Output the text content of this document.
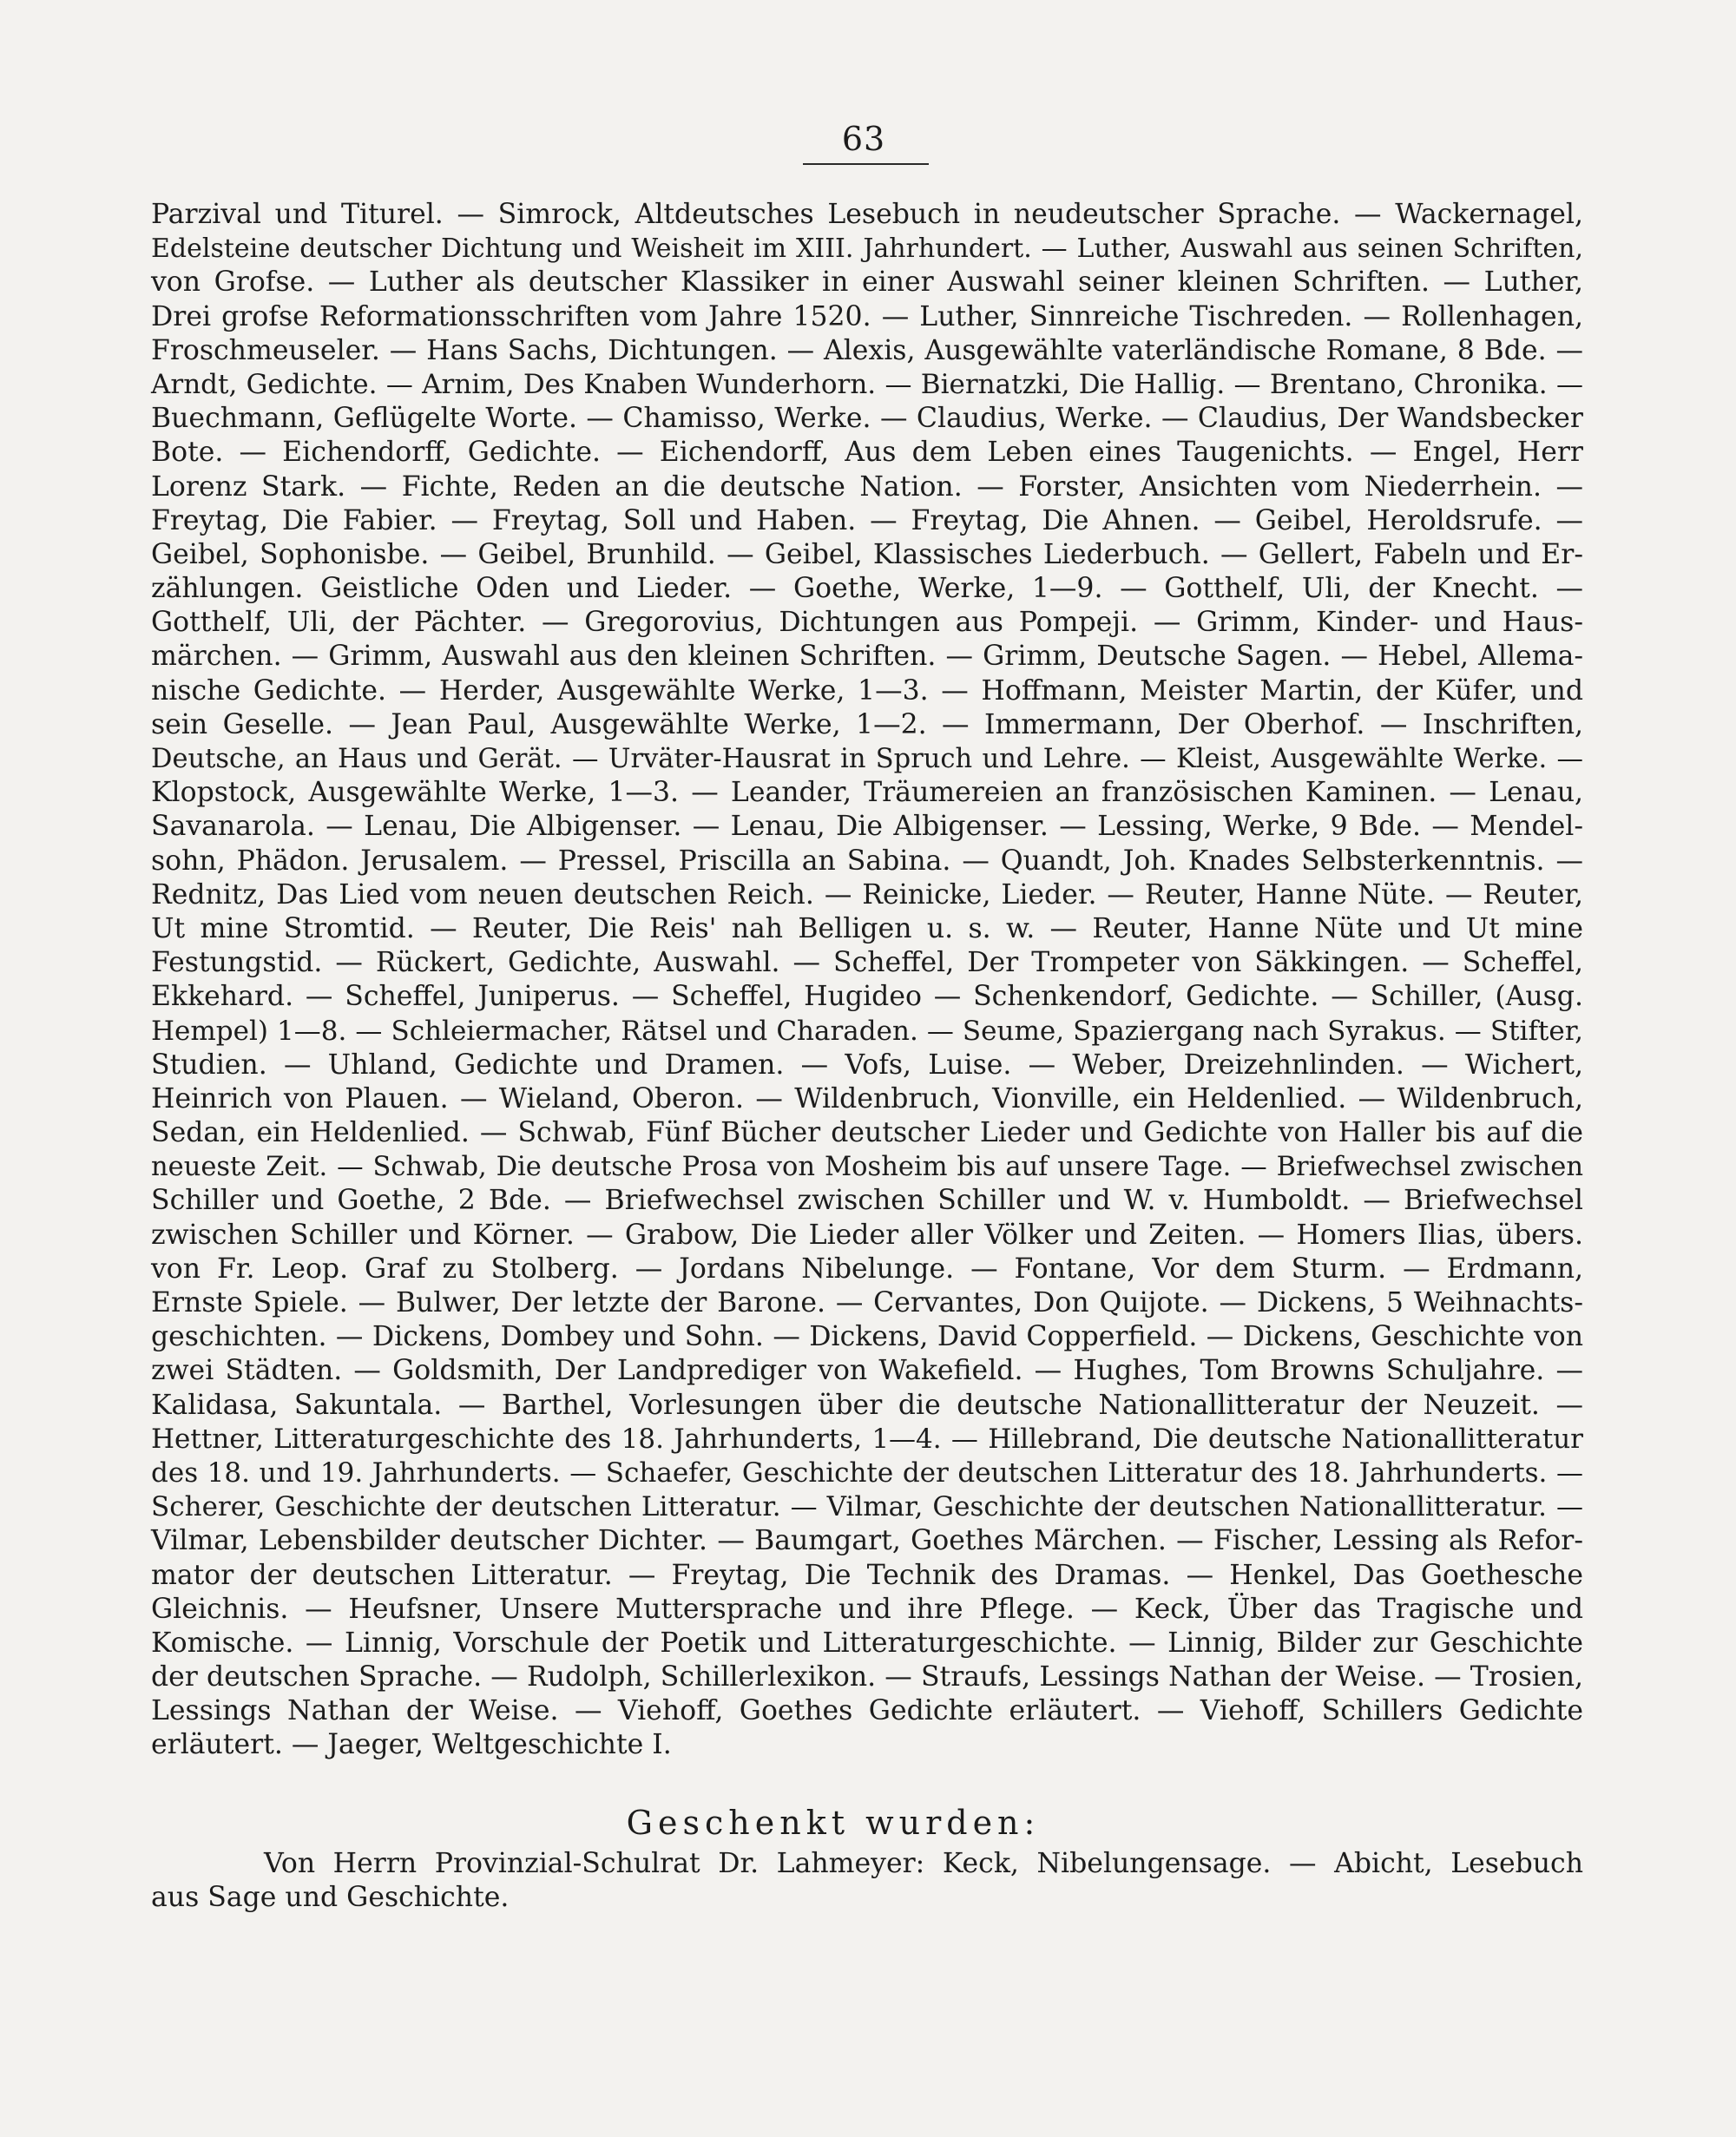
63
Parzival und Titurel. — Simrock, Altdeutsches Lesebuch in neudeutscher Sprache. — Wackernagel,
Edelsteine deutscher Dichtung und Weisheit im XIII. Jahrhundert. — Luther, Auswahl aus seinen Schriften,
von Grofse. — Luther als deutscher Klassiker in einer Auswahl seiner kleinen Schriften. — Luther,
Drei grofse Reformationsschriften vom Jahre 1520. — Luther, Sinnreiche Tischreden. — Rollenhagen,
Froschmeuseler. — Hans Sachs, Dichtungen. — Alexis, Ausgewählte vaterländische Romane, 8 Bde. —
Arndt, Gedichte. — Arnim, Des Knaben Wunderhorn. — Biernatzki, Die Hallig. — Brentano, Chronika. —
Buechmann, Geflügelte Worte. — Chamisso, Werke. — Claudius, Werke. — Claudius, Der Wandsbecker
Bote. — Eichendorff, Gedichte. — Eichendorff, Aus dem Leben eines Taugenichts. — Engel, Herr
Lorenz Stark. — Fichte, Reden an die deutsche Nation. — Forster, Ansichten vom Niederrhein. —
Freytag, Die Fabier. — Freytag, Soll und Haben. — Freytag, Die Ahnen. — Geibel, Heroldsrufe. —
Geibel, Sophonisbe. — Geibel, Brunhild. — Geibel, Klassisches Liederbuch. — Gellert, Fabeln und Er-
zählungen. Geistliche Oden und Lieder. — Goethe, Werke, 1—9. — Gotthelf, Uli, der Knecht. —
Gotthelf, Uli, der Pächter. — Gregorovius, Dichtungen aus Pompeji. — Grimm, Kinder- und Haus-
märchen. — Grimm, Auswahl aus den kleinen Schriften. — Grimm, Deutsche Sagen. — Hebel, Allema-
nische Gedichte. — Herder, Ausgewählte Werke, 1—3. — Hoffmann, Meister Martin, der Küfer, und
sein Geselle. — Jean Paul, Ausgewählte Werke, 1—2. — Immermann, Der Oberhof. — Inschriften,
Deutsche, an Haus und Gerät. — Urväter-Hausrat in Spruch und Lehre. — Kleist, Ausgewählte Werke. —
Klopstock, Ausgewählte Werke, 1—3. — Leander, Träumereien an französischen Kaminen. — Lenau,
Savanarola. — Lenau, Die Albigenser. — Lenau, Die Albigenser. — Lessing, Werke, 9 Bde. — Mendel-
sohn, Phädon. Jerusalem. — Pressel, Priscilla an Sabina. — Quandt, Joh. Knades Selbsterkenntnis. —
Rednitz, Das Lied vom neuen deutschen Reich. — Reinicke, Lieder. — Reuter, Hanne Nüte. — Reuter,
Ut mine Stromtid. — Reuter, Die Reis' nah Belligen u. s. w. — Reuter, Hanne Nüte und Ut mine
Festungstid. — Rückert, Gedichte, Auswahl. — Scheffel, Der Trompeter von Säkkingen. — Scheffel,
Ekkehard. — Scheffel, Juniperus. — Scheffel, Hugideo — Schenkendorf, Gedichte. — Schiller, (Ausg.
Hempel) 1—8. — Schleiermacher, Rätsel und Charaden. — Seume, Spaziergang nach Syrakus. — Stifter,
Studien. — Uhland, Gedichte und Dramen. — Vofs, Luise. — Weber, Dreizehnlinden. — Wichert,
Heinrich von Plauen. — Wieland, Oberon. — Wildenbruch, Vionville, ein Heldenlied. — Wildenbruch,
Sedan, ein Heldenlied. — Schwab, Fünf Bücher deutscher Lieder und Gedichte von Haller bis auf die
neueste Zeit. — Schwab, Die deutsche Prosa von Mosheim bis auf unsere Tage. — Briefwechsel zwischen
Schiller und Goethe, 2 Bde. — Briefwechsel zwischen Schiller und W. v. Humboldt. — Briefwechsel
zwischen Schiller und Körner. — Grabow, Die Lieder aller Völker und Zeiten. — Homers Ilias, übers.
von Fr. Leop. Graf zu Stolberg. — Jordans Nibelunge. — Fontane, Vor dem Sturm. — Erdmann,
Ernste Spiele. — Bulwer, Der letzte der Barone. — Cervantes, Don Quijote. — Dickens, 5 Weihnachts-
geschichten. — Dickens, Dombey und Sohn. — Dickens, David Copperfield. — Dickens, Geschichte von
zwei Städten. — Goldsmith, Der Landprediger von Wakefield. — Hughes, Tom Browns Schuljahre. —
Kalidasa, Sakuntala. — Barthel, Vorlesungen über die deutsche Nationallitteratur der Neuzeit. —
Hettner, Litteraturgeschichte des 18. Jahrhunderts, 1—4. — Hillebrand, Die deutsche Nationallitteratur
des 18. und 19. Jahrhunderts. — Schaefer, Geschichte der deutschen Litteratur des 18. Jahrhunderts. —
Scherer, Geschichte der deutschen Litteratur. — Vilmar, Geschichte der deutschen Nationallitteratur. —
Vilmar, Lebensbilder deutscher Dichter. — Baumgart, Goethes Märchen. — Fischer, Lessing als Refor-
mator der deutschen Litteratur. — Freytag, Die Technik des Dramas. — Henkel, Das Goethesche
Gleichnis. — Heufsner, Unsere Muttersprache und ihre Pflege. — Keck, Über das Tragische und
Komische. — Linnig, Vorschule der Poetik und Litteraturgeschichte. — Linnig, Bilder zur Geschichte
der deutschen Sprache. — Rudolph, Schillerlexikon. — Straufs, Lessings Nathan der Weise. — Trosien,
Lessings Nathan der Weise. — Viehoff, Goethes Gedichte erläutert. — Viehoff, Schillers Gedichte
erläutert. — Jaeger, Weltgeschichte I.
Geschenkt wurden:
Von Herrn Provinzial-Schulrat Dr. Lahmeyer: Keck, Nibelungensage. — Abicht, Lesebuch
aus Sage und Geschichte.
